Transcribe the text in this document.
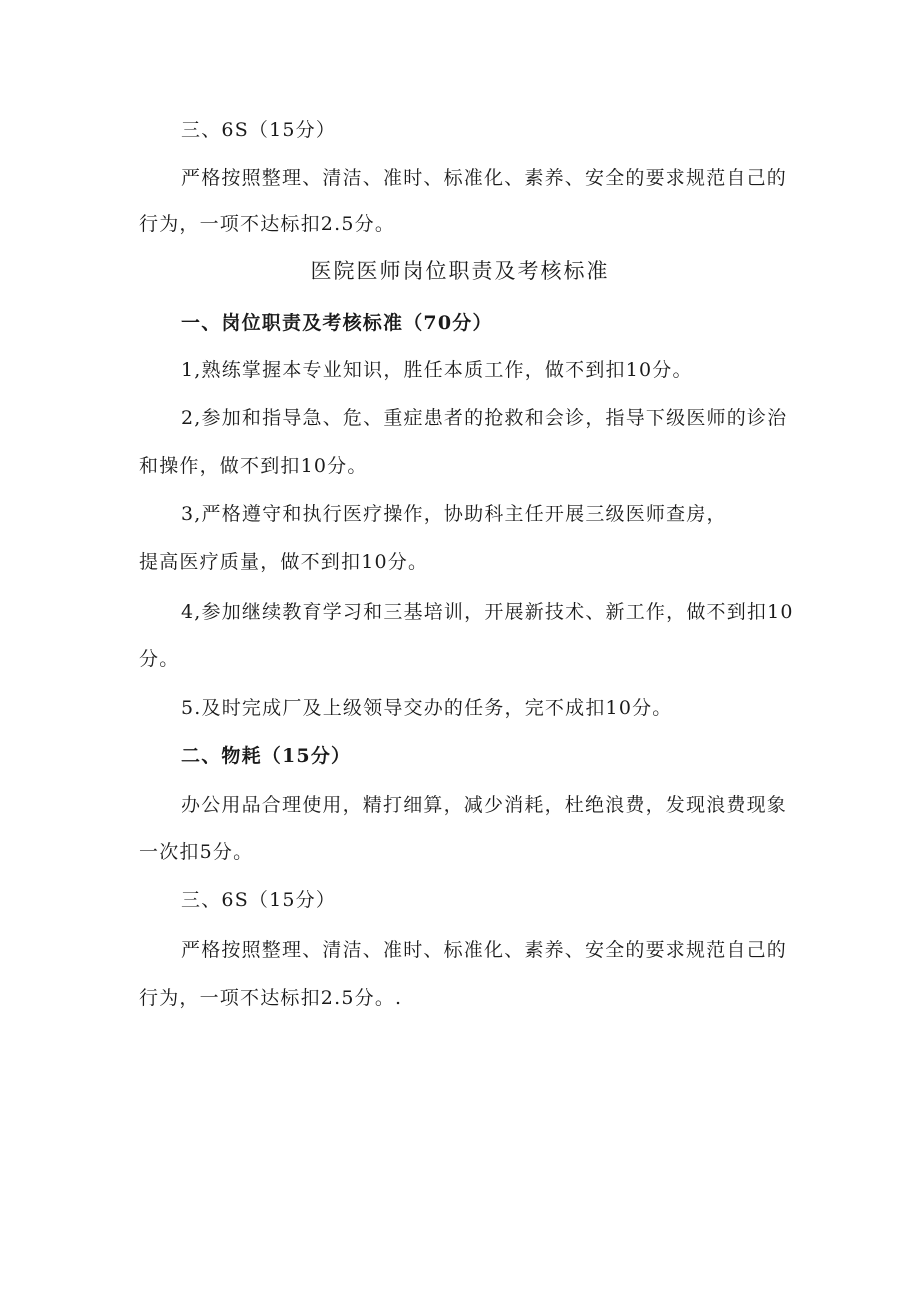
三、6S（15分）
严格按照整理、清洁、准时、标准化、素养、安全的要求规范自己的
行为，一项不达标扣2.5分。
医院医师岗位职责及考核标准
一、岗位职责及考核标准（70分）
1,熟练掌握本专业知识，胜任本质工作，做不到扣10分。
2,参加和指导急、危、重症患者的抢救和会诊，指导下级医师的诊治
和操作，做不到扣10分。
3,严格遵守和执行医疗操作，协助科主任开展三级医师查房，
提高医疗质量，做不到扣10分。
4,参加继续教育学习和三基培训，开展新技术、新工作，做不到扣10
分。
5.及时完成厂及上级领导交办的任务，完不成扣10分。
二、物耗（15分）
办公用品合理使用，精打细算，减少消耗，杜绝浪费，发现浪费现象
一次扣5分。
三、6S（15分）
严格按照整理、清洁、准时、标准化、素养、安全的要求规范自己的
行为，一项不达标扣2.5分。.
